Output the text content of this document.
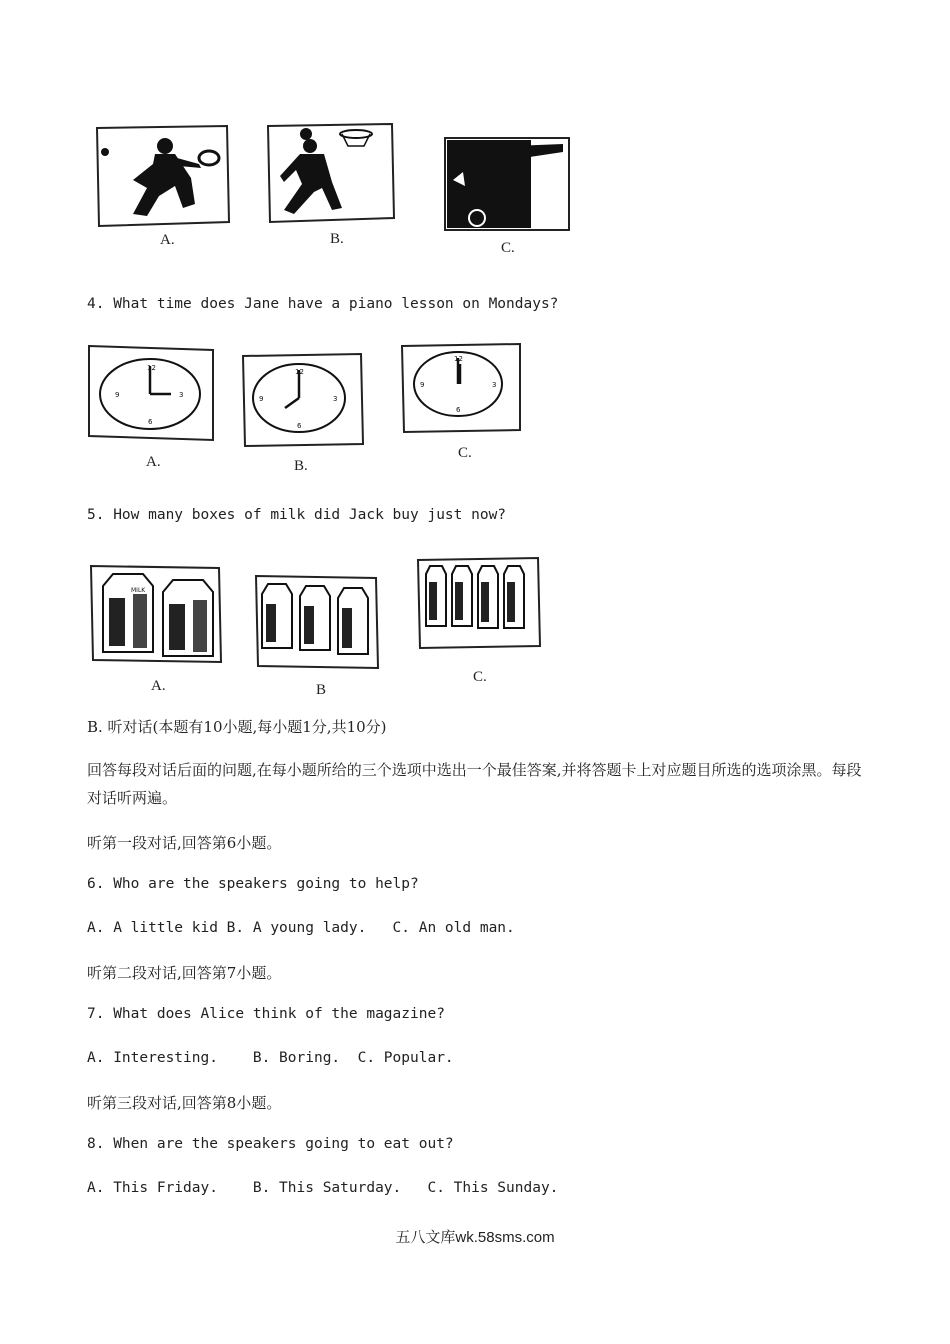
A.	B.
C.
4. What time does Jane have a piano lesson on Mondays?
12
3
6
9
12
3
6
9
12
3
6
9
A.	B.
C.
5. How many boxes of milk did Jack buy just now?
MILK
A.	B
C.
B. 听对话(本题有10小题,每小题1分,共10分)
回答每段对话后面的问题,在每小题所给的三个选项中选出一个最佳答案,并将答题卡上对应题目所选的选项涂黑。每段对话听两遍。
听第一段对话,回答第6小题。
6. Who are the speakers going to help?
A. A little kid B. A young lady.   C. An old man.
听第二段对话,回答第7小题。
7. What does Alice think of the magazine?
A. Interesting.    B. Boring.  C. Popular.
听第三段对话,回答第8小题。
8. When are the speakers going to eat out?
A. This Friday.    B. This Saturday.   C. This Sunday.
五八文库wk.58sms.com
